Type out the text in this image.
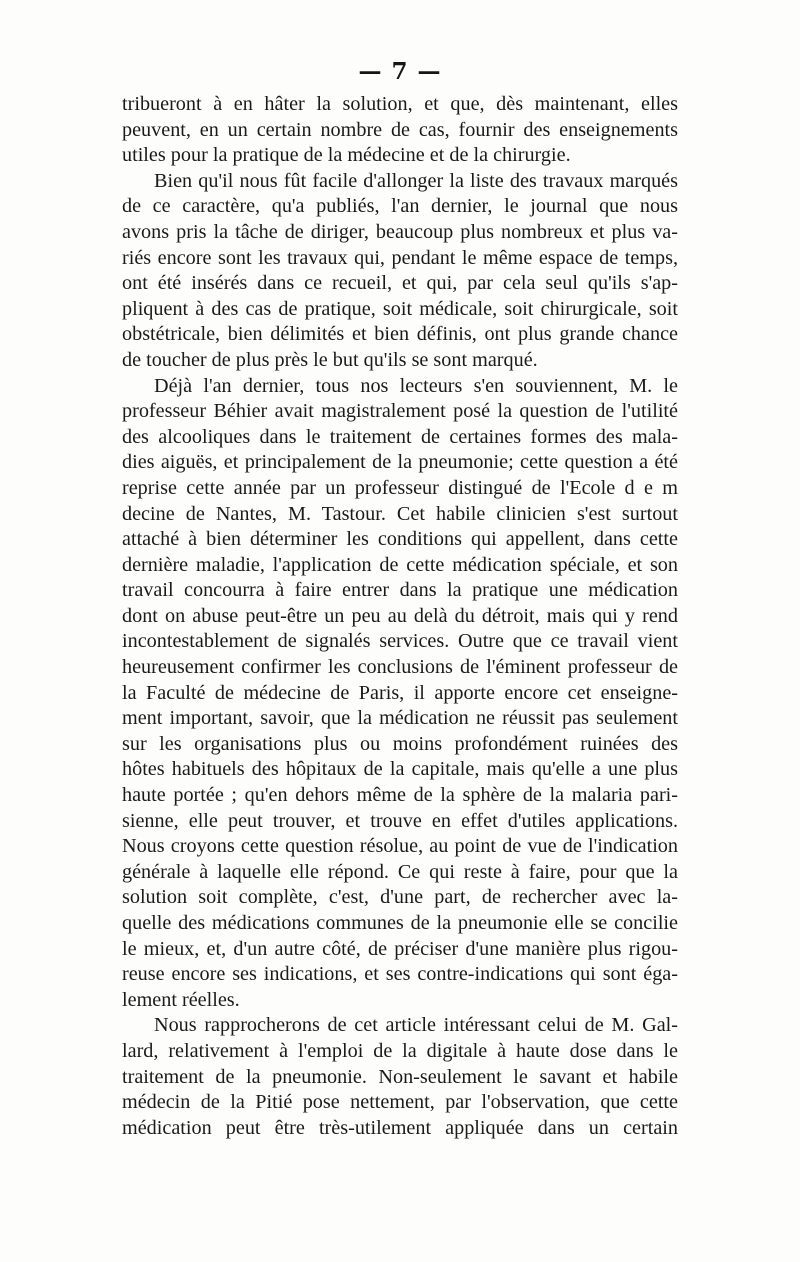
— 7 —
tribueront à en hâter la solution, et que, dès maintenant, elles
peuvent, en un certain nombre de cas, fournir des enseignements
utiles pour la pratique de la médecine et de la chirurgie.
Bien qu'il nous fût facile d'allonger la liste des travaux marqués
de ce caractère, qu'a publiés, l'an dernier, le journal que nous
avons pris la tâche de diriger, beaucoup plus nombreux et plus va-
riés encore sont les travaux qui, pendant le même espace de temps,
ont été insérés dans ce recueil, et qui, par cela seul qu'ils s'ap-
pliquent à des cas de pratique, soit médicale, soit chirurgicale, soit
obstétricale, bien délimités et bien définis, ont plus grande chance
de toucher de plus près le but qu'ils se sont marqué.
Déjà l'an dernier, tous nos lecteurs s'en souviennent, M. le
professeur Béhier avait magistralement posé la question de l'utilité
des alcooliques dans le traitement de certaines formes des mala-
dies aiguës, et principalement de la pneumonie; cette question a été
reprise cette année par un professeur distingué de l'Ecole d e m
decine de Nantes, M. Tastour. Cet habile clinicien s'est surtout
attaché à bien déterminer les conditions qui appellent, dans cette
dernière maladie, l'application de cette médication spéciale, et son
travail concourra à faire entrer dans la pratique une médication
dont on abuse peut-être un peu au delà du détroit, mais qui y rend
incontestablement de signalés services. Outre que ce travail vient
heureusement confirmer les conclusions de l'éminent professeur de
la Faculté de médecine de Paris, il apporte encore cet enseigne-
ment important, savoir, que la médication ne réussit pas seulement
sur les organisations plus ou moins profondément ruinées des
hôtes habituels des hôpitaux de la capitale, mais qu'elle a une plus
haute portée ; qu'en dehors même de la sphère de la malaria pari-
sienne, elle peut trouver, et trouve en effet d'utiles applications.
Nous croyons cette question résolue, au point de vue de l'indication
générale à laquelle elle répond. Ce qui reste à faire, pour que la
solution soit complète, c'est, d'une part, de rechercher avec la-
quelle des médications communes de la pneumonie elle se concilie
le mieux, et, d'un autre côté, de préciser d'une manière plus rigou-
reuse encore ses indications, et ses contre-indications qui sont éga-
lement réelles.
Nous rapprocherons de cet article intéressant celui de M. Gal-
lard, relativement à l'emploi de la digitale à haute dose dans le
traitement de la pneumonie. Non-seulement le savant et habile
médecin de la Pitié pose nettement, par l'observation, que cette
médication peut être très-utilement appliquée dans un certain
